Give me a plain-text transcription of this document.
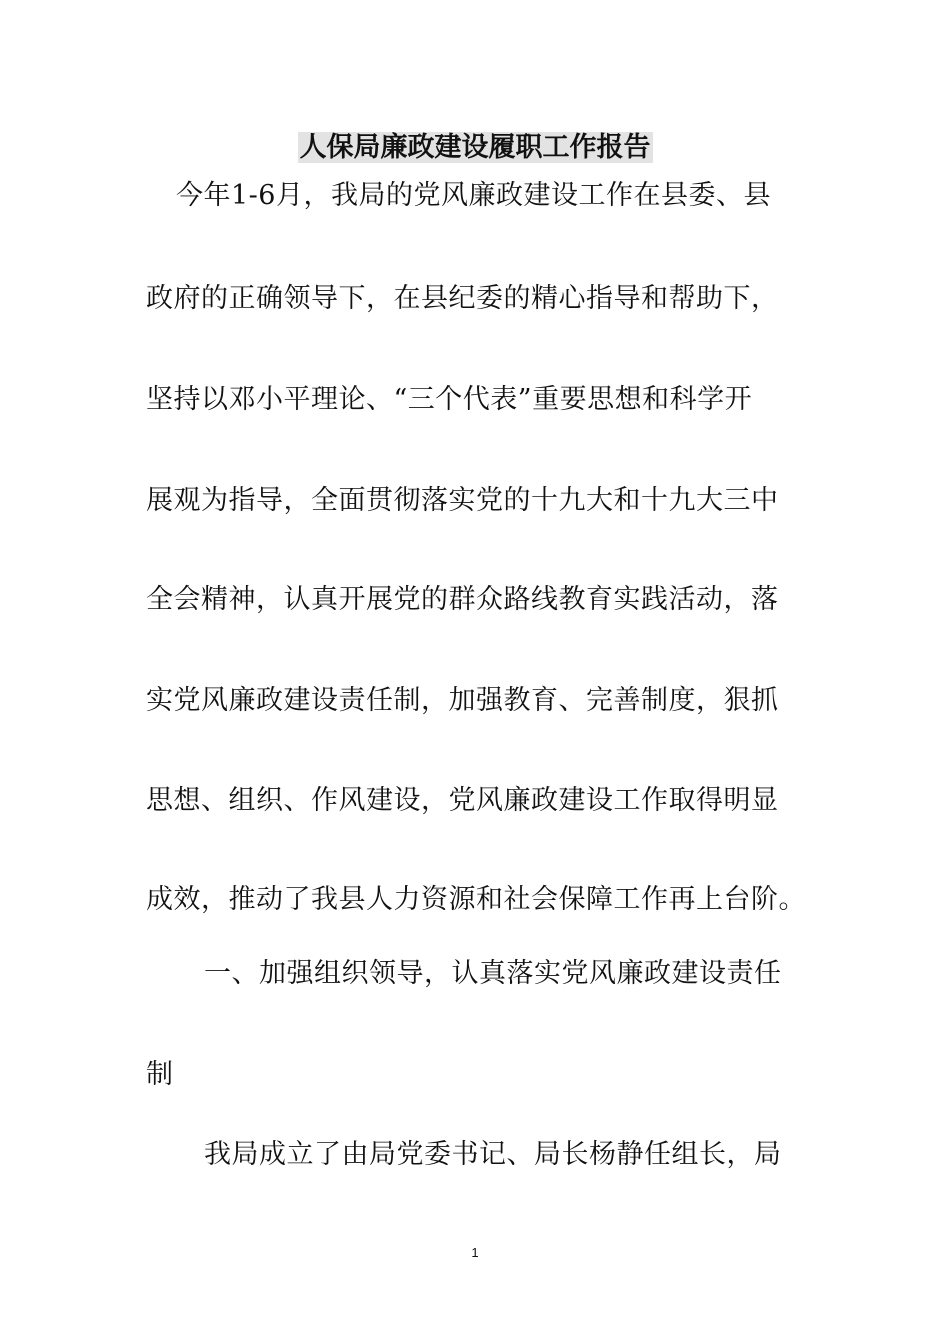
人保局廉政建设履职工作报告
今年1-6月，我局的党风廉政建设工作在县委、县
政府的正确领导下，在县纪委的精心指导和帮助下，
坚持以邓小平理论、“三个代表”重要思想和科学开
展观为指导，全面贯彻落实党的十九大和十九大三中
全会精神，认真开展党的群众路线教育实践活动，落
实党风廉政建设责任制，加强教育、完善制度，狠抓
思想、组织、作风建设，党风廉政建设工作取得明显
成效，推动了我县人力资源和社会保障工作再上台阶。
一、加强组织领导，认真落实党风廉政建设责任
制
我局成立了由局党委书记、局长杨静任组长，局
1
